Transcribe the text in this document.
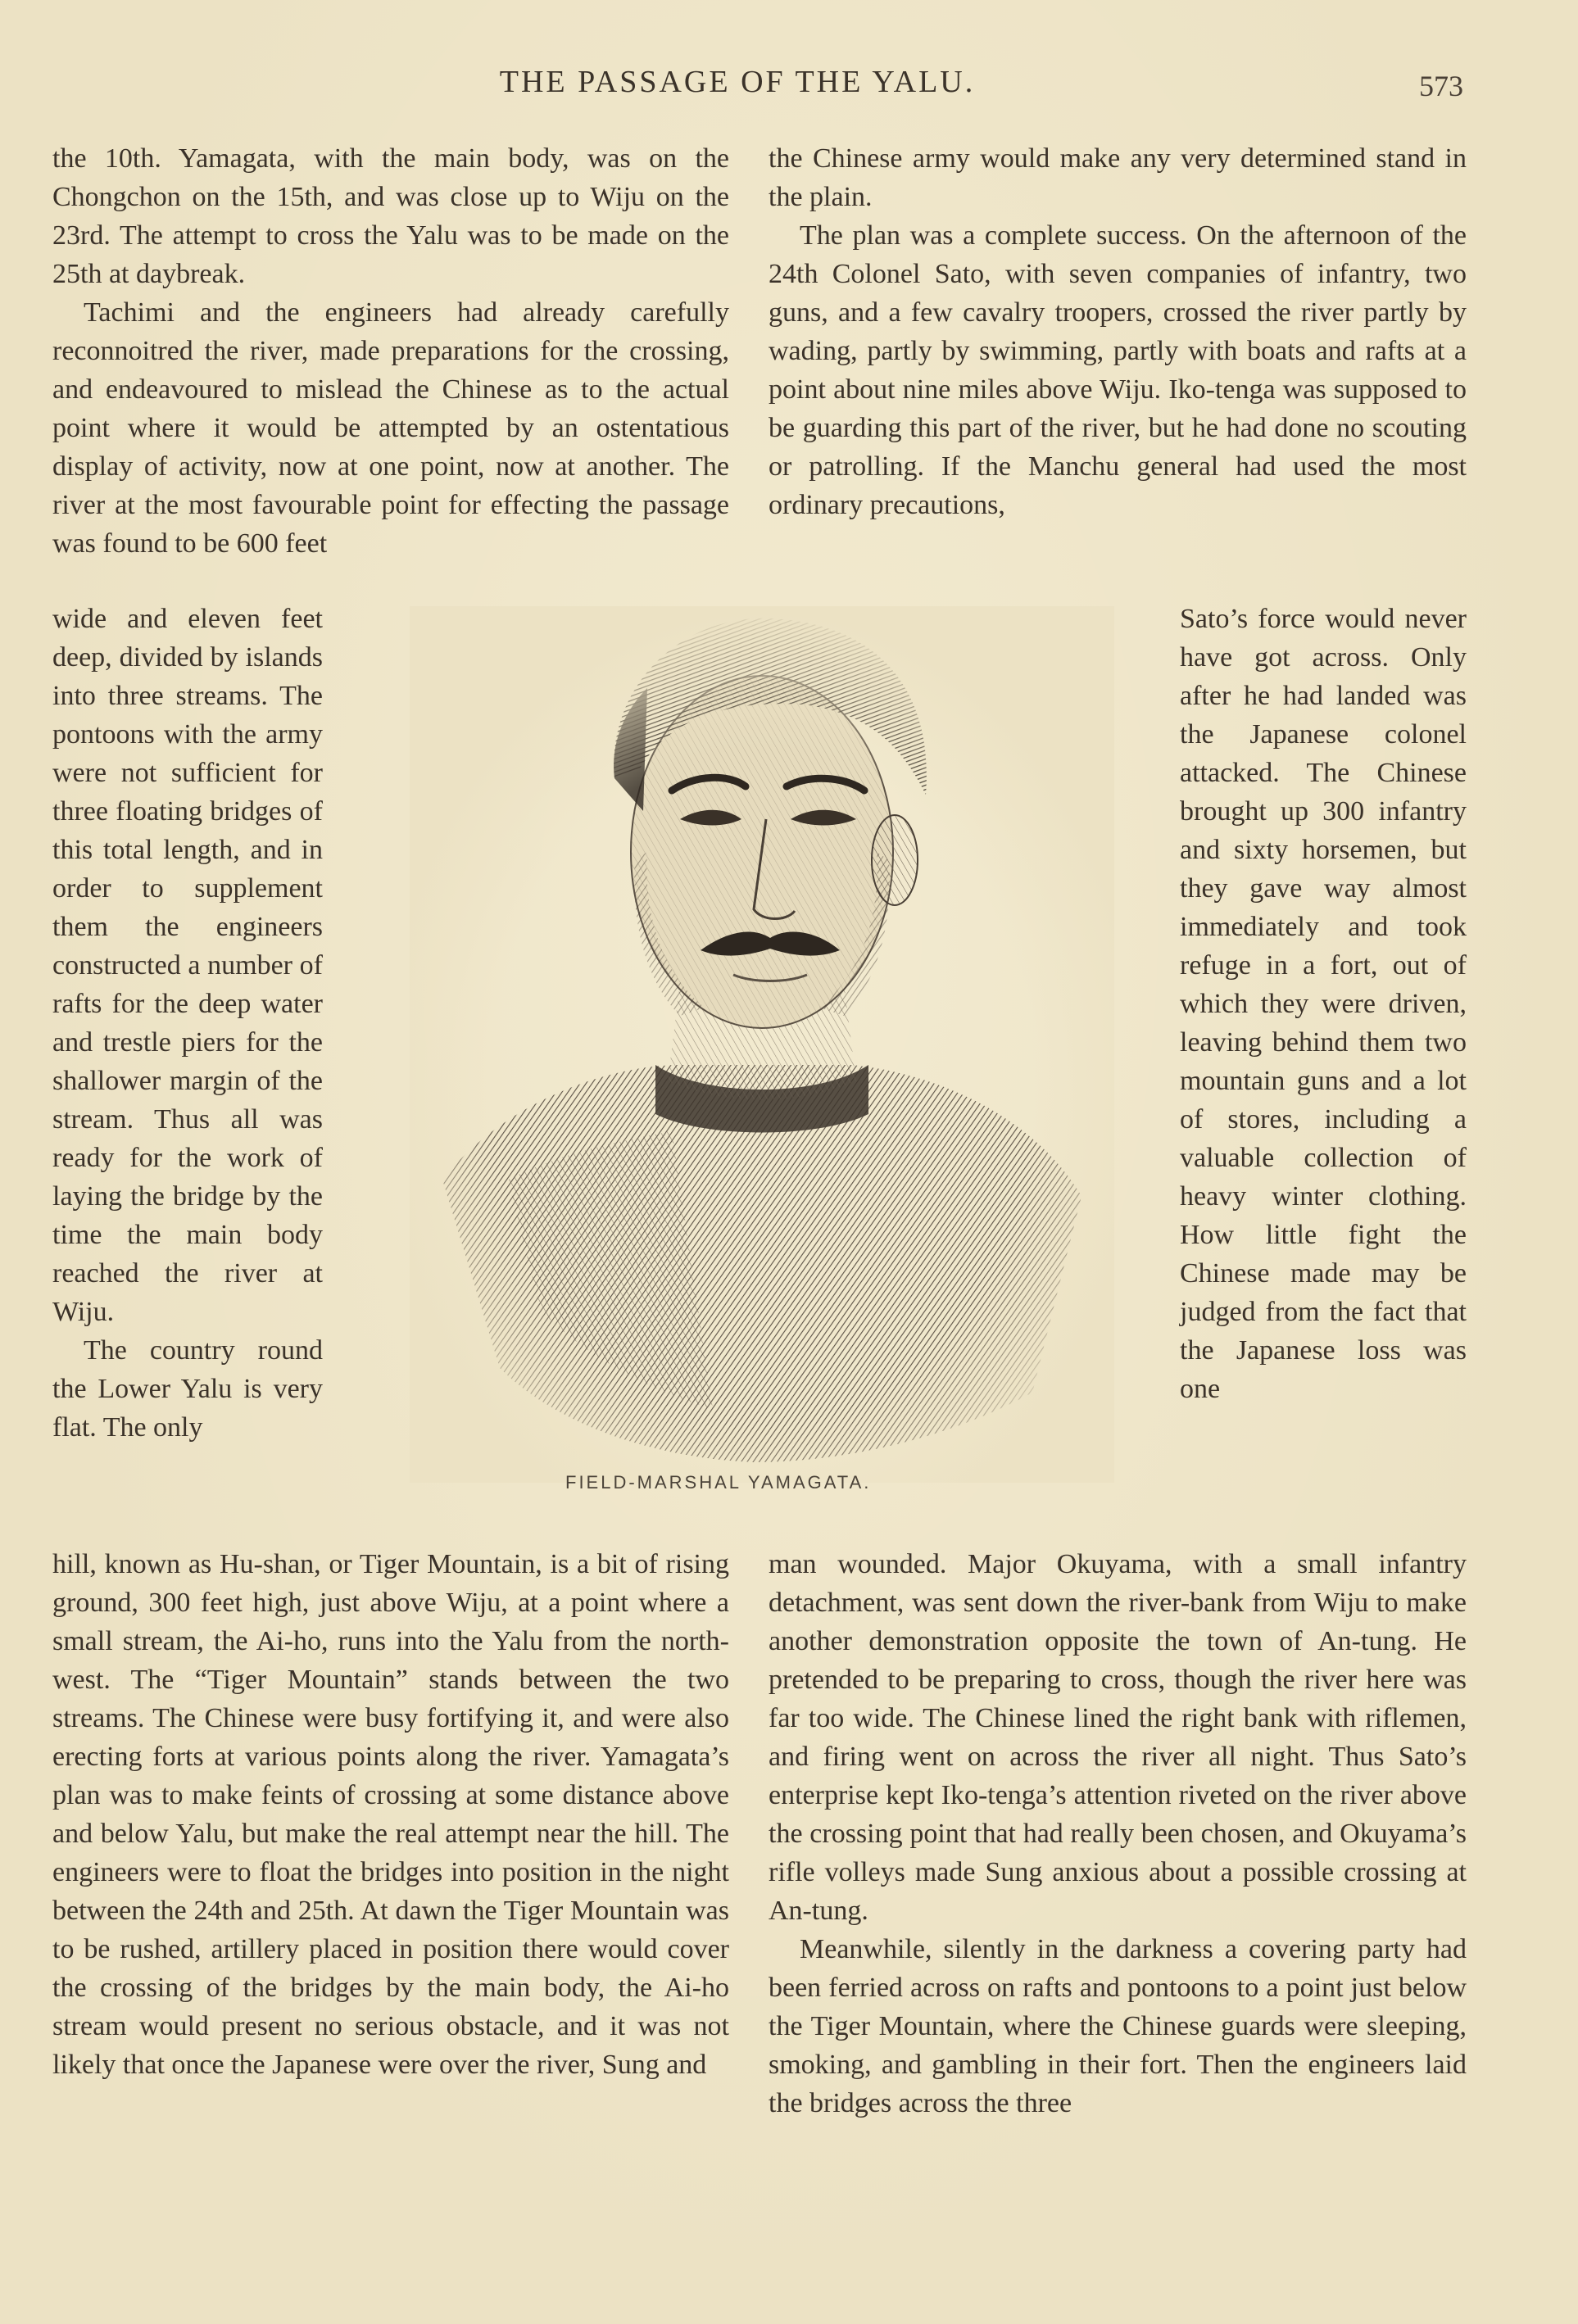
THE PASSAGE OF THE YALU.	573

the 10th. Yamagata, with the main body, was on the Chongchon on the 15th, and was close up to Wiju on the 23rd. The attempt to cross the Yalu was to be made on the 25th at daybreak.

Tachimi and the engineers had already carefully reconnoitred the river, made preparations for the crossing, and endeavoured to mislead the Chinese as to the actual point where it would be attempted by an ostentatious display of activity, now at one point, now at another. The river at the most favourable point for effecting the passage was found to be 600 feet

wide and eleven feet deep, divided by islands into three streams. The pontoons with the army were not sufficient for three floating bridges of this total length, and in order to supplement them the engineers constructed a number of rafts for the deep water and trestle piers for the shallower margin of the stream. Thus all was ready for the work of laying the bridge by the time the main body reached the river at Wiju.

The country round the Lower Yalu is very flat. The only

hill, known as Hu-shan, or Tiger Mountain, is a bit of rising ground, 300 feet high, just above Wiju, at a point where a small stream, the Ai-ho, runs into the Yalu from the north-west. The “Tiger Mountain” stands between the two streams. The Chinese were busy fortifying it, and were also erecting forts at various points along the river. Yamagata’s plan was to make feints of crossing at some distance above and below Yalu, but make the real attempt near the hill. The engineers were to float the bridges into position in the night between the 24th and 25th. At dawn the Tiger Mountain was to be rushed, artillery placed in position there would cover the crossing of the bridges by the main body, the Ai-ho stream would present no serious obstacle, and it was not likely that once the Japanese were over the river, Sung and

the Chinese army would make any very determined stand in the plain.

The plan was a complete success. On the afternoon of the 24th Colonel Sato, with seven companies of infantry, two guns, and a few cavalry troopers, crossed the river partly by wading, partly by swimming, partly with boats and rafts at a point about nine miles above Wiju. Iko-tenga was supposed to be guarding this part of the river, but he had done no scouting or patrolling. If the Manchu general had used the most ordinary precautions,

Sato’s force would never have got across. Only after he had landed was the Japanese colonel attacked. The Chinese brought up 300 infantry and sixty horsemen, but they gave way almost immediately and took refuge in a fort, out of which they were driven, leaving behind them two mountain guns and a lot of stores, including a valuable collection of heavy winter clothing. How little fight the Chinese made may be judged from the fact that the Japanese loss was one

man wounded. Major Okuyama, with a small infantry detachment, was sent down the river-bank from Wiju to make another demonstration opposite the town of An-tung. He pretended to be preparing to cross, though the river here was far too wide. The Chinese lined the right bank with riflemen, and firing went on across the river all night. Thus Sato’s enterprise kept Iko-tenga’s attention riveted on the river above the crossing point that had really been chosen, and Okuyama’s rifle volleys made Sung anxious about a possible crossing at An-tung.

Meanwhile, silently in the darkness a covering party had been ferried across on rafts and pontoons to a point just below the Tiger Mountain, where the Chinese guards were sleeping, smoking, and gambling in their fort. Then the engineers laid the bridges across the three

FIELD-MARSHAL YAMAGATA.
